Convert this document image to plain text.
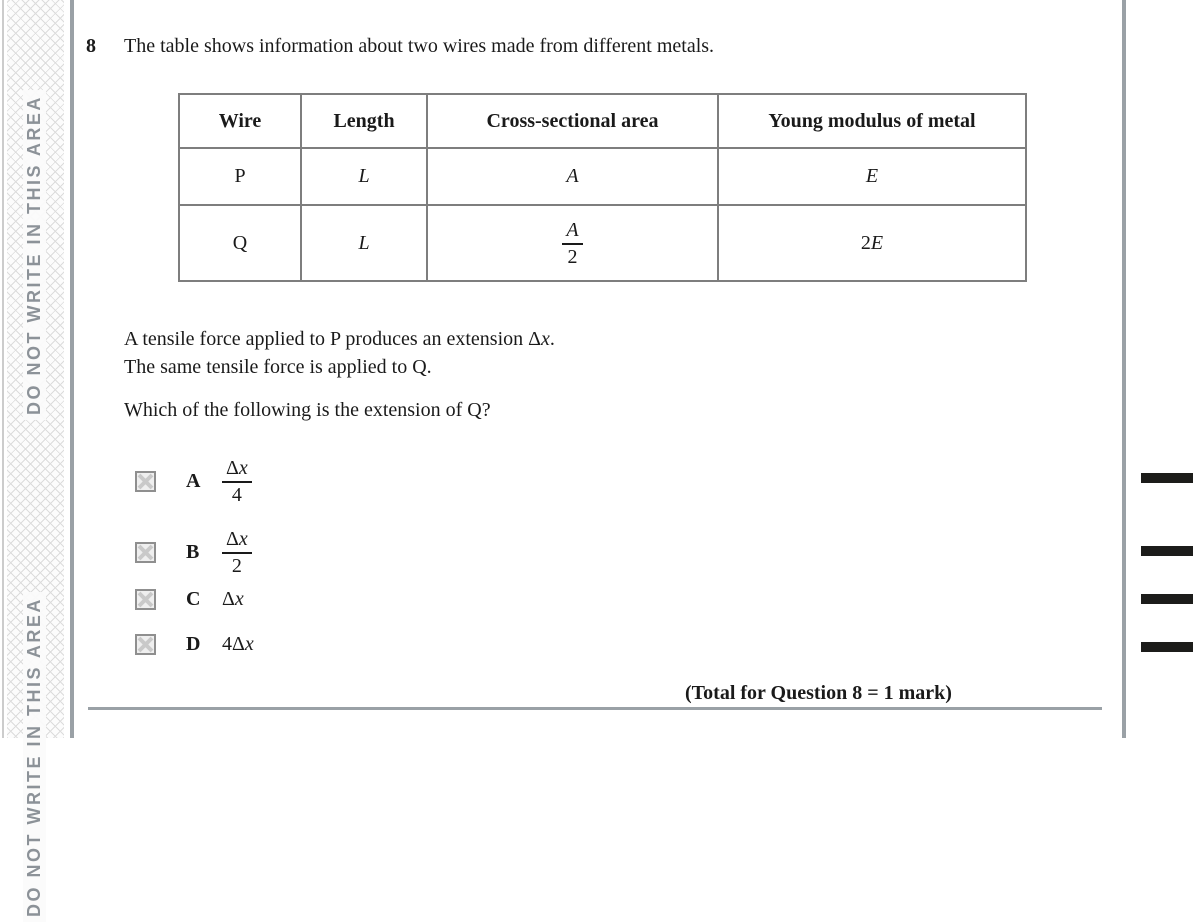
DO NOT WRITE IN THIS AREA
DO NOT WRITE IN THIS AREA
8 The table shows information about two wires made from different metals.
Wire	Length	Cross-sectional area	Young modulus of metal
P	L	A	E
Q	L	$\frac{A}{2}$	2E
A tensile force applied to P produces an extension Δx.
The same tensile force is applied to Q.
Which of the following is the extension of Q?
A	$\frac{\Delta x}{4}$
B	$\frac{\Delta x}{2}$
C	Δx
D	4Δx
(Total for Question 8 = 1 mark)
